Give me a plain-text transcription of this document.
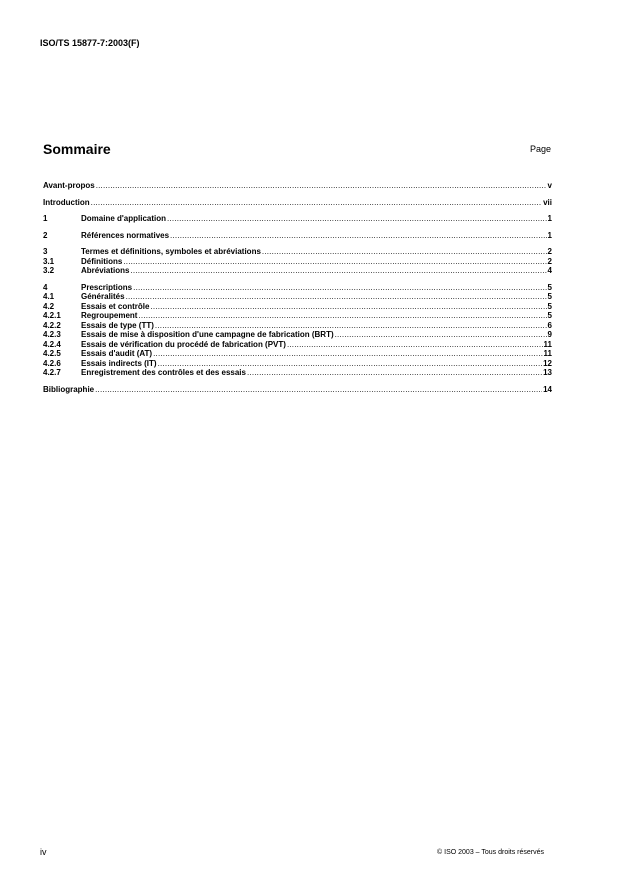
ISO/TS 15877-7:2003(F)
Sommaire	Page
Avant-propos .....	v
Introduction .....	vii
1	Domaine d'application .....	1
2	Références normatives .....	1
3	Termes et définitions, symboles et abréviations .....	2
3.1	Définitions .....	2
3.2	Abréviations .....	4
4	Prescriptions .....	5
4.1	Généralités .....	5
4.2	Essais et contrôle .....	5
4.2.1	Regroupement .....	5
4.2.2	Essais de type (TT) .....	6
4.2.3	Essais de mise à disposition d'une campagne de fabrication (BRT) .....	9
4.2.4	Essais de vérification du procédé de fabrication (PVT) .....	11
4.2.5	Essais d'audit (AT) .....	11
4.2.6	Essais indirects (IT) .....	12
4.2.7	Enregistrement des contrôles et des essais .....	13
Bibliographie .....	14
iv	© ISO 2003 – Tous droits réservés
